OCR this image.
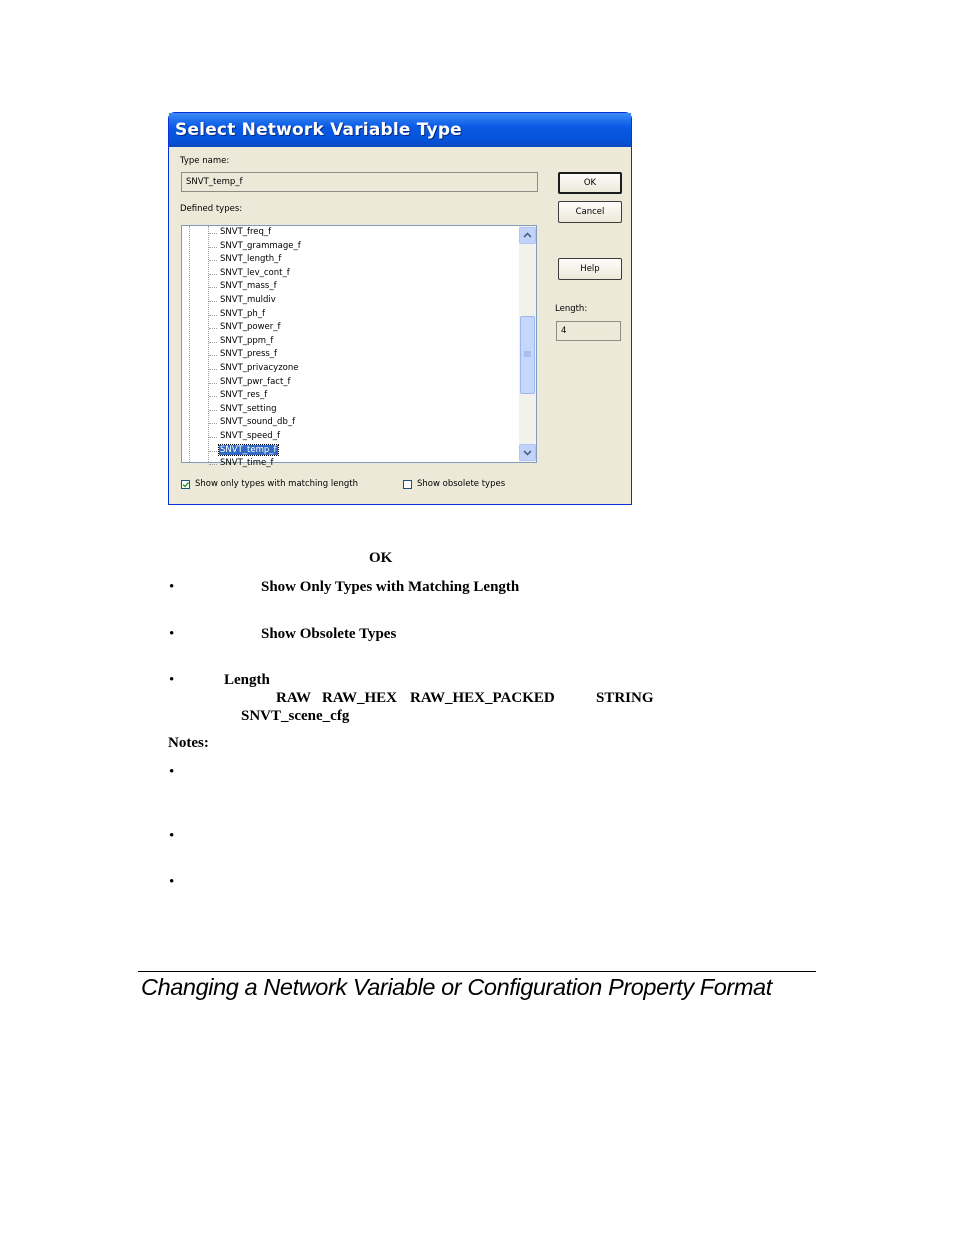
Select Network Variable Type
Type name:
SNVT_temp_f
Defined types:
SNVT_freq_f
SNVT_grammage_f
SNVT_length_f
SNVT_lev_cont_f
SNVT_mass_f
SNVT_muldiv
SNVT_ph_f
SNVT_power_f
SNVT_ppm_f
SNVT_press_f
SNVT_privacyzone
SNVT_pwr_fact_f
SNVT_res_f
SNVT_setting
SNVT_sound_db_f
SNVT_speed_f
SNVT_temp_f
SNVT_time_f
OK
Cancel
Help
Length:
4
Show only types with matching length	Show obsolete types
OK
•	Show Only Types with Matching Length
•	Show Obsolete Types
•	Length
RAW RAW_HEX RAW_HEX_PACKED	STRING
SNVT_scene_cfg
Notes:
•
•
•
Changing a Network Variable or Configuration Property Format
